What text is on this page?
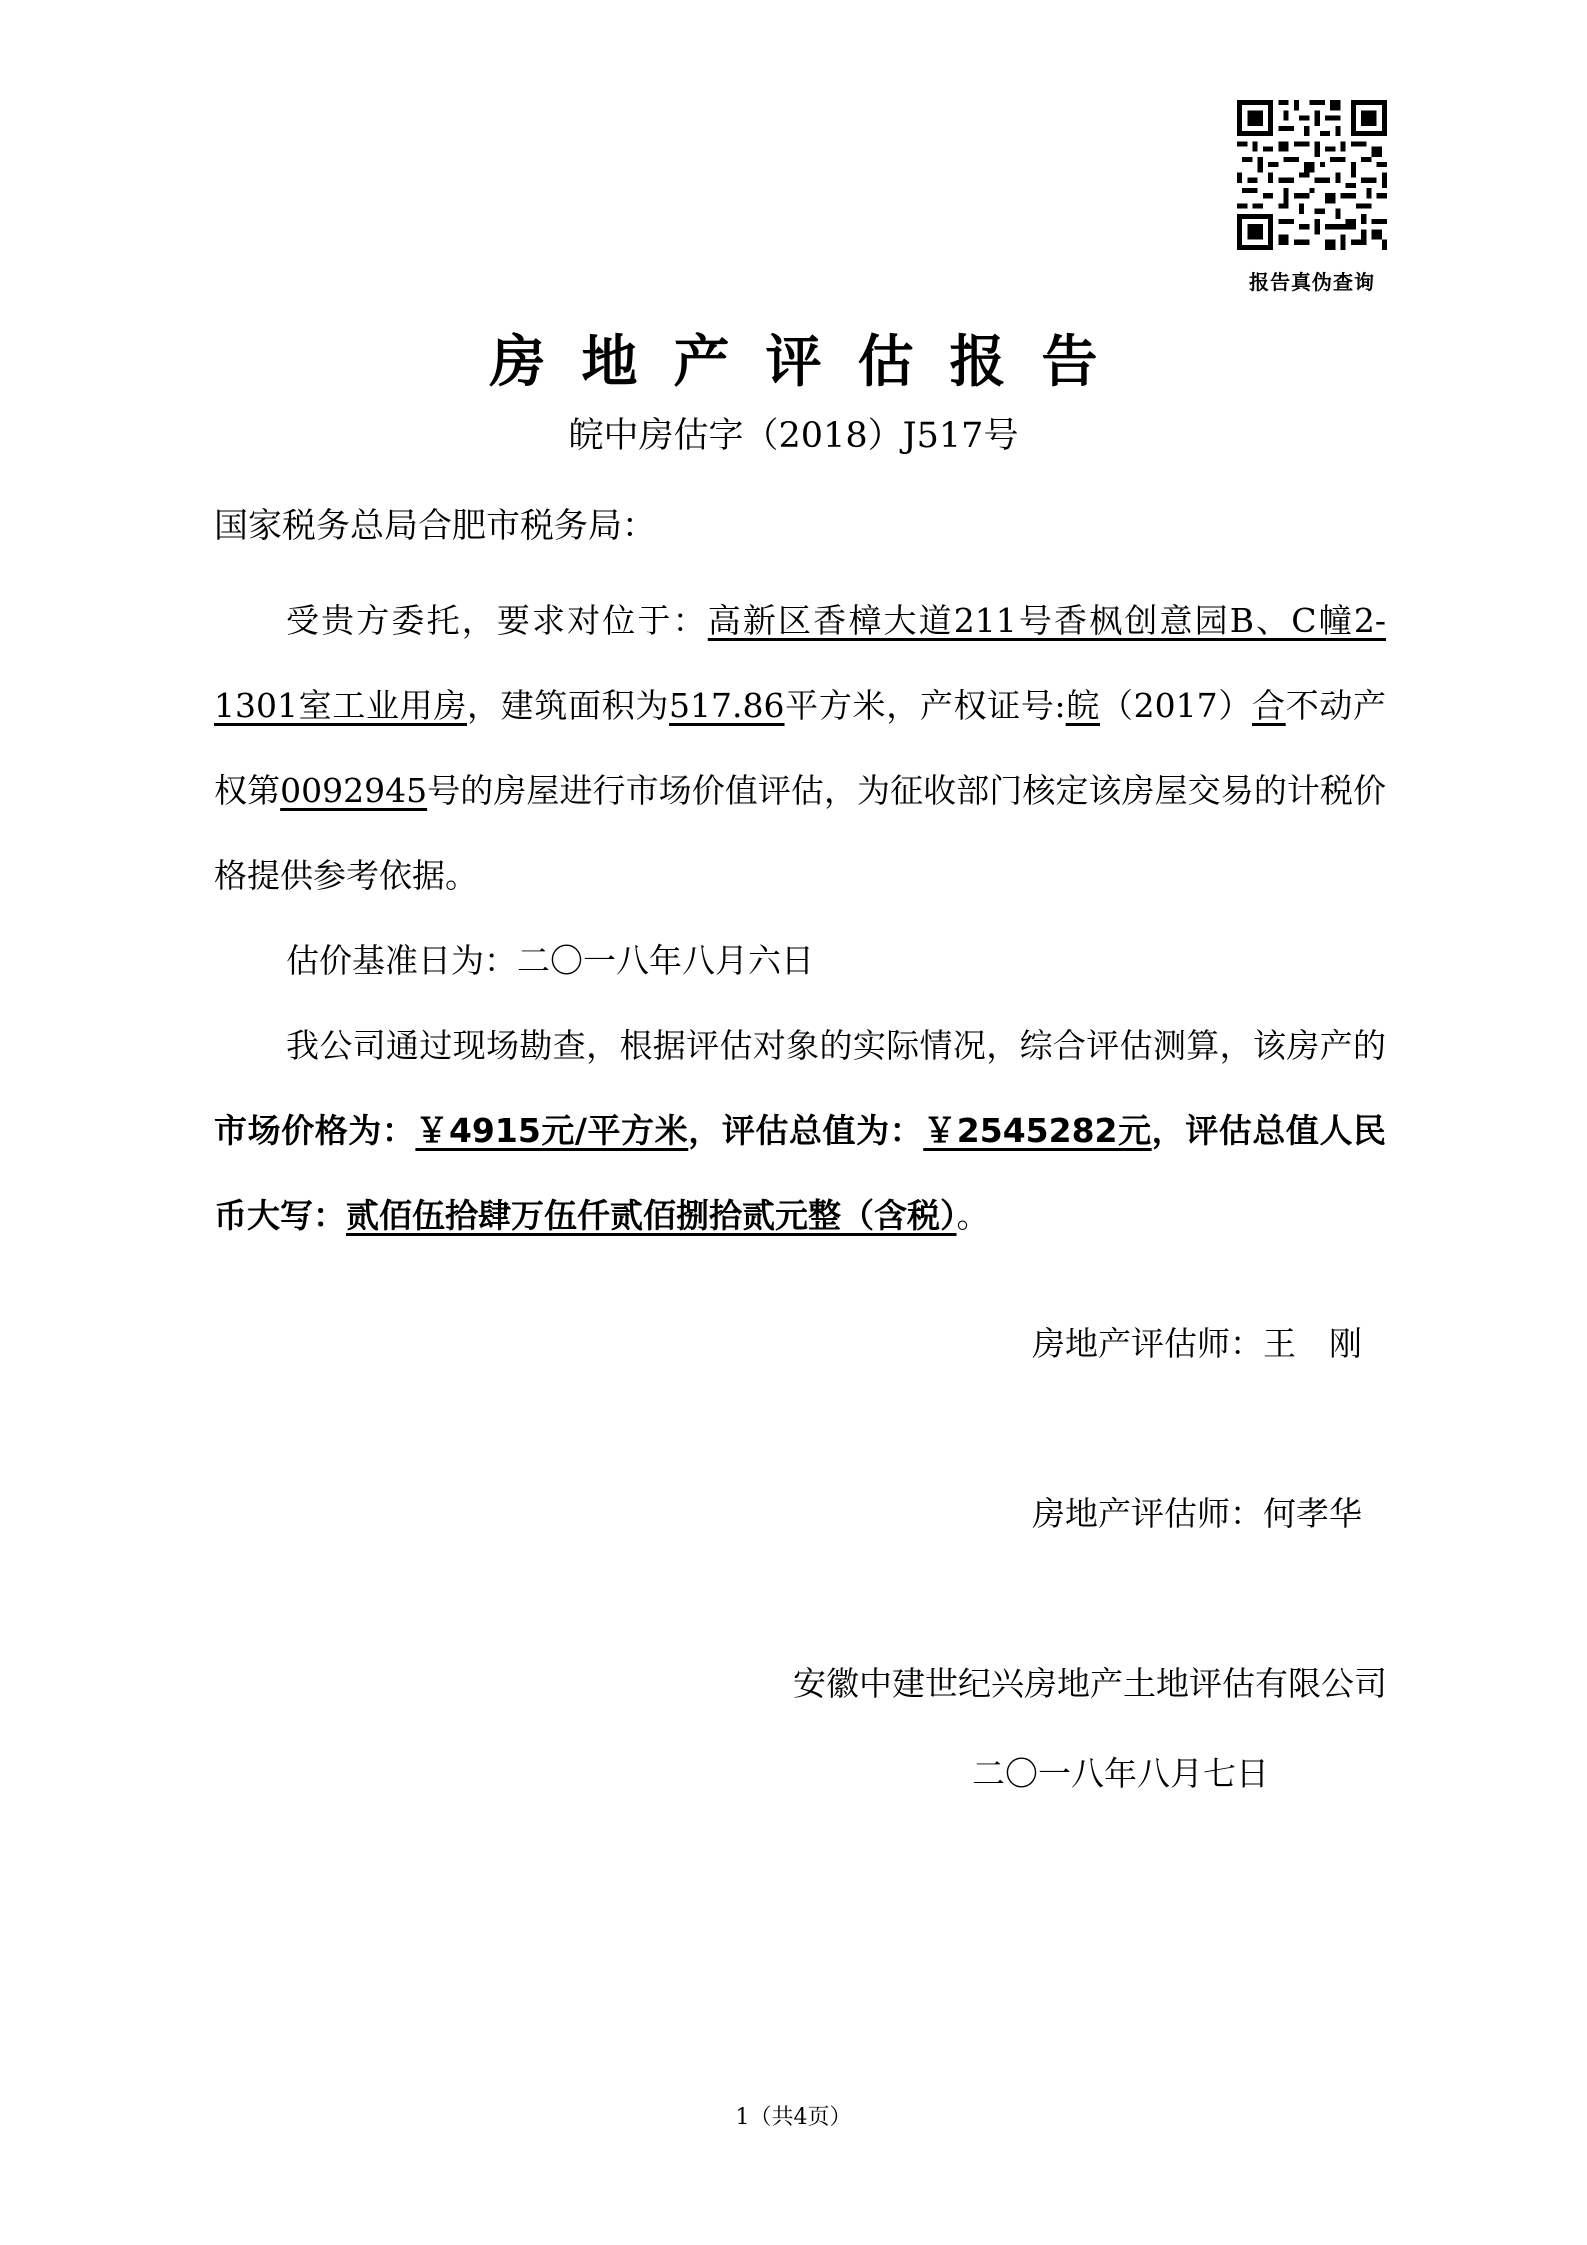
报告真伪查询
房地产评估报告
皖中房估字（2018）J517号
国家税务总局合肥市税务局：

受贵方委托，要求对位于：高新区香樟大道211号香枫创意园B、C幢2-1301室工业用房，建筑面积为517.86平方米，产权证号:皖（2017）合不动产权第0092945号的房屋进行市场价值评估，为征收部门核定该房屋交易的计税价格提供参考依据。

估价基准日为：二〇一八年八月六日

我公司通过现场勘查，根据评估对象的实际情况，综合评估测算，该房产的市场价格为：￥4915元/平方米，评估总值为：￥2545282元，评估总值人民币大写：贰佰伍拾肆万伍仟贰佰捌拾贰元整（含税）。

房地产评估师：王　刚
房地产评估师：何孝华
安徽中建世纪兴房地产土地评估有限公司
二〇一八年八月七日
1（共4页）
